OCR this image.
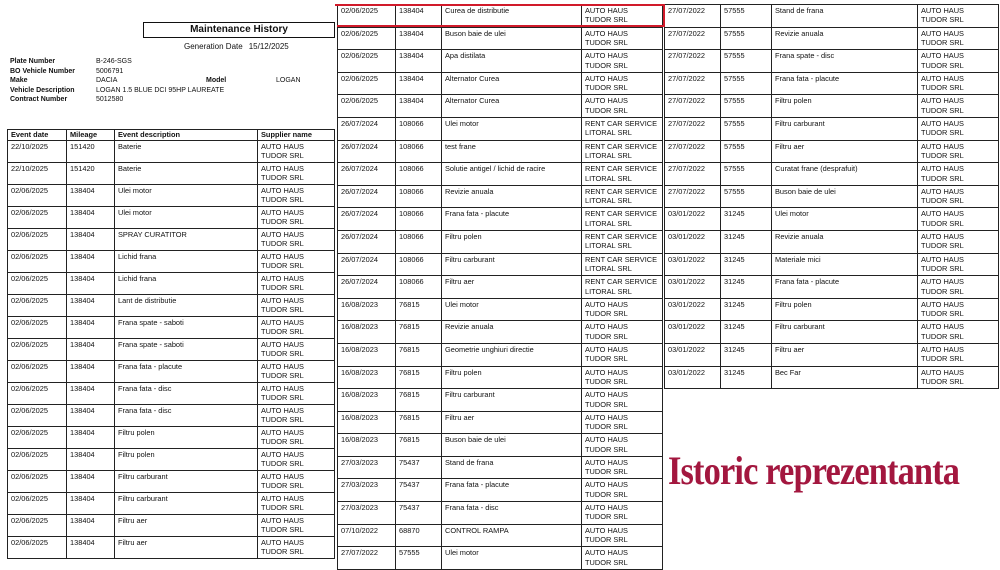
Maintenance History
Generation Date 15/12/2025
Plate Number	B-246-SGS
BO Vehicle Number	5006791
Make	DACIA	Model	LOGAN
Vehicle Description	LOGAN 1.5 BLUE DCI 95HP LAUREATE
Contract Number	5012580
Event date	Mileage	Event description	Supplier name
22/10/2025	151420	Baterie	AUTO HAUS
TUDOR SRL

22/10/2025	151420	Baterie	AUTO HAUS
TUDOR SRL

02/06/2025	138404	Ulei motor	AUTO HAUS
TUDOR SRL

02/06/2025	138404	Ulei motor	AUTO HAUS
TUDOR SRL

02/06/2025	138404	SPRAY CURATITOR	AUTO HAUS
TUDOR SRL

02/06/2025	138404	Lichid frana	AUTO HAUS
TUDOR SRL

02/06/2025	138404	Lichid frana	AUTO HAUS
TUDOR SRL

02/06/2025	138404	Lant de distributie	AUTO HAUS
TUDOR SRL

02/06/2025	138404	Frana spate - saboti	AUTO HAUS
TUDOR SRL

02/06/2025	138404	Frana spate - saboti	AUTO HAUS
TUDOR SRL

02/06/2025	138404	Frana fata - placute	AUTO HAUS
TUDOR SRL

02/06/2025	138404	Frana fata - disc	AUTO HAUS
TUDOR SRL

02/06/2025	138404	Frana fata - disc	AUTO HAUS
TUDOR SRL

02/06/2025	138404	Filtru polen	AUTO HAUS
TUDOR SRL

02/06/2025	138404	Filtru polen	AUTO HAUS
TUDOR SRL

02/06/2025	138404	Filtru carburant	AUTO HAUS
TUDOR SRL

02/06/2025	138404	Filtru carburant	AUTO HAUS
TUDOR SRL

02/06/2025	138404	Filtru aer	AUTO HAUS
TUDOR SRL

02/06/2025	138404	Filtru aer	AUTO HAUS
TUDOR SRL
02/06/2025	138404	Curea de distributie	AUTO HAUS
TUDOR SRL

02/06/2025	138404	Buson baie de ulei	AUTO HAUS
TUDOR SRL

02/06/2025	138404	Apa distilata	AUTO HAUS
TUDOR SRL

02/06/2025	138404	Alternator Curea	AUTO HAUS
TUDOR SRL

02/06/2025	138404	Alternator Curea	AUTO HAUS
TUDOR SRL

26/07/2024	108066	Ulei motor	RENT CAR SERVICE
LITORAL SRL

26/07/2024	108066	test frane	RENT CAR SERVICE
LITORAL SRL

26/07/2024	108066	Solutie antigel / lichid de racire	RENT CAR SERVICE
LITORAL SRL

26/07/2024	108066	Revizie anuala	RENT CAR SERVICE
LITORAL SRL

26/07/2024	108066	Frana fata - placute	RENT CAR SERVICE
LITORAL SRL

26/07/2024	108066	Filtru polen	RENT CAR SERVICE
LITORAL SRL

26/07/2024	108066	Filtru carburant	RENT CAR SERVICE
LITORAL SRL

26/07/2024	108066	Filtru aer	RENT CAR SERVICE
LITORAL SRL

16/08/2023	76815	Ulei motor	AUTO HAUS
TUDOR SRL

16/08/2023	76815	Revizie anuala	AUTO HAUS
TUDOR SRL

16/08/2023	76815	Geometrie unghiuri directie	AUTO HAUS
TUDOR SRL

16/08/2023	76815	Filtru polen	AUTO HAUS
TUDOR SRL

16/08/2023	76815	Filtru carburant	AUTO HAUS
TUDOR SRL

16/08/2023	76815	Filtru aer	AUTO HAUS
TUDOR SRL

16/08/2023	76815	Buson baie de ulei	AUTO HAUS
TUDOR SRL

27/03/2023	75437	Stand de frana	AUTO HAUS
TUDOR SRL

27/03/2023	75437	Frana fata - placute	AUTO HAUS
TUDOR SRL

27/03/2023	75437	Frana fata - disc	AUTO HAUS
TUDOR SRL

07/10/2022	68870	CONTROL RAMPA	AUTO HAUS
TUDOR SRL

27/07/2022	57555	Ulei motor	AUTO HAUS
TUDOR SRL
27/07/2022	57555	Stand de frana	AUTO HAUS
TUDOR SRL

27/07/2022	57555	Revizie anuala	AUTO HAUS
TUDOR SRL

27/07/2022	57555	Frana spate - disc	AUTO HAUS
TUDOR SRL

27/07/2022	57555	Frana fata - placute	AUTO HAUS
TUDOR SRL

27/07/2022	57555	Filtru polen	AUTO HAUS
TUDOR SRL

27/07/2022	57555	Filtru carburant	AUTO HAUS
TUDOR SRL

27/07/2022	57555	Filtru aer	AUTO HAUS
TUDOR SRL

27/07/2022	57555	Curatat frane (desprafuit)	AUTO HAUS
TUDOR SRL

27/07/2022	57555	Buson baie de ulei	AUTO HAUS
TUDOR SRL

03/01/2022	31245	Ulei motor	AUTO HAUS
TUDOR SRL

03/01/2022	31245	Revizie anuala	AUTO HAUS
TUDOR SRL

03/01/2022	31245	Materiale mici	AUTO HAUS
TUDOR SRL

03/01/2022	31245	Frana fata - placute	AUTO HAUS
TUDOR SRL

03/01/2022	31245	Filtru polen	AUTO HAUS
TUDOR SRL

03/01/2022	31245	Filtru carburant	AUTO HAUS
TUDOR SRL

03/01/2022	31245	Filtru aer	AUTO HAUS
TUDOR SRL

03/01/2022	31245	Bec Far	AUTO HAUS
TUDOR SRL
Istoric reprezentanta
